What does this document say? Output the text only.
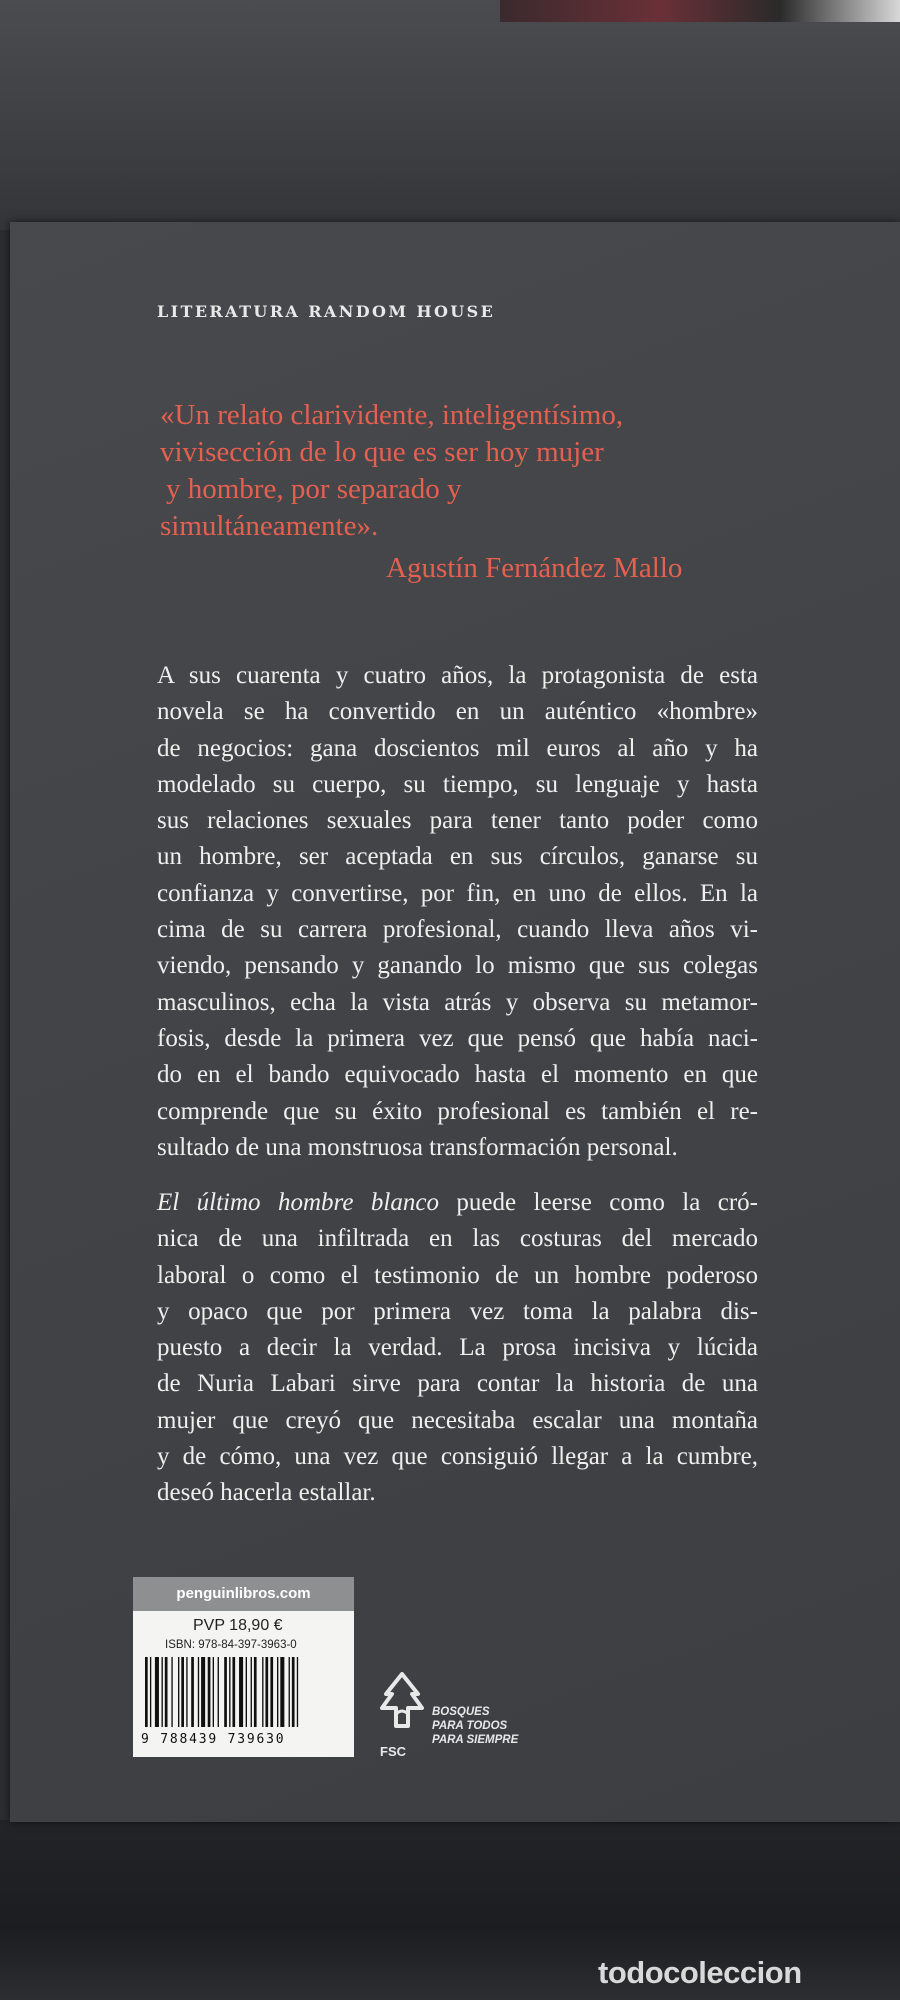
LITERATURA RANDOM HOUSE

«Un relato clarividente, inteligentísimo,
vivisección de lo que es ser hoy mujer
y hombre, por separado y
simultáneamente».

Agustín Fernández Mallo

A sus cuarenta y cuatro años, la protagonista de esta
novela se ha convertido en un auténtico «hombre»
de negocios: gana doscientos mil euros al año y ha
modelado su cuerpo, su tiempo, su lenguaje y hasta
sus relaciones sexuales para tener tanto poder como
un hombre, ser aceptada en sus círculos, ganarse su
confianza y convertirse, por fin, en uno de ellos. En la
cima de su carrera profesional, cuando lleva años vi-
viendo, pensando y ganando lo mismo que sus colegas
masculinos, echa la vista atrás y observa su metamor-
fosis, desde la primera vez que pensó que había naci-
do en el bando equivocado hasta el momento en que
comprende que su éxito profesional es también el re-
sultado de una monstruosa transformación personal.
El último hombre blanco puede leerse como la cró-
nica de una infiltrada en las costuras del mercado
laboral o como el testimonio de un hombre poderoso
y opaco que por primera vez toma la palabra dis-
puesto a decir la verdad. La prosa incisiva y lúcida
de Nuria Labari sirve para contar la historia de una
mujer que creyó que necesitaba escalar una montaña
y de cómo, una vez que consiguió llegar a la cumbre,
deseó hacerla estallar.
penguinlibros.com

PVP 18,90 €

ISBN: 978-84-397-3963-0

9 788439 739630

FSC

BOSQUES
PARA TODOS
PARA SIEMPRE

todocoleccion
